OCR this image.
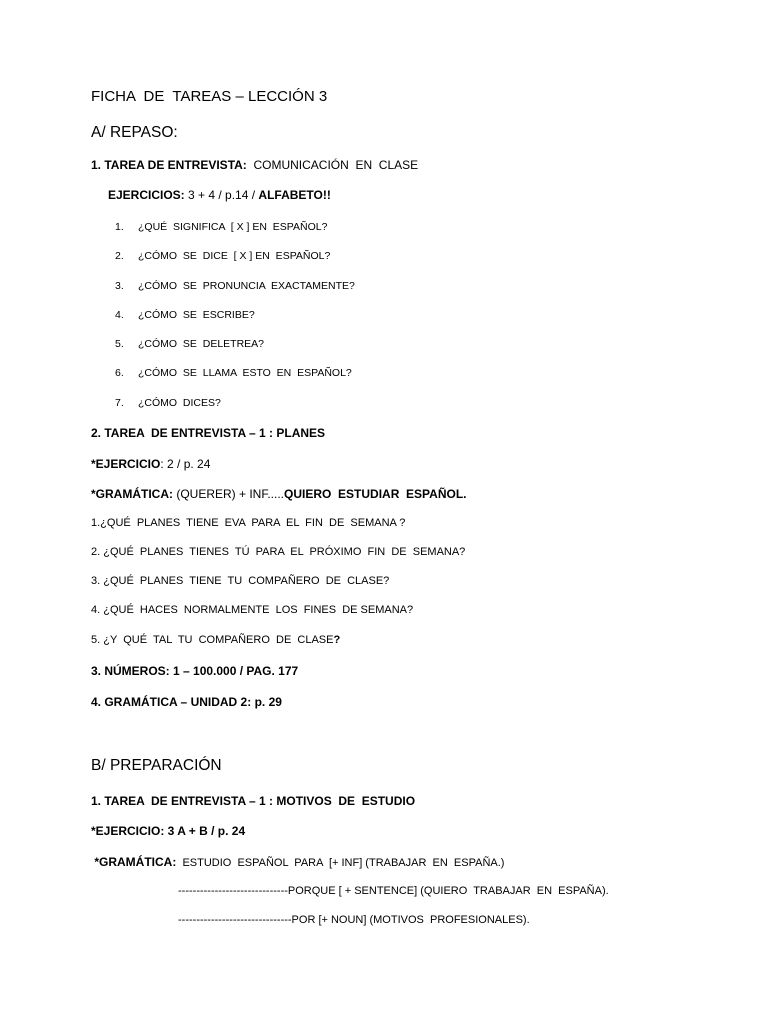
FICHA  DE  TAREAS – LECCIÓN 3
A/ REPASO:
1. TAREA DE ENTREVISTA:  COMUNICACIÓN  EN  CLASE
EJERCICIOS: 3 + 4 / p.14 / ALFABETO!!
1. ¿QUÉ  SIGNIFICA  [ X ] EN  ESPAÑOL?
2. ¿CÓMO  SE  DICE  [ X ] EN  ESPAÑOL?
3. ¿CÓMO  SE  PRONUNCIA  EXACTAMENTE?
4. ¿CÓMO  SE  ESCRIBE?
5. ¿CÓMO  SE  DELETREA?
6. ¿CÓMO  SE  LLAMA  ESTO  EN  ESPAÑOL?
7. ¿CÓMO  DICES?
2. TAREA  DE ENTREVISTA – 1 : PLANES
*EJERCICIO: 2 / p. 24
*GRAMÁTICA: (QUERER) + INF.....QUIERO  ESTUDIAR  ESPAÑOL.
1.¿QUÉ  PLANES  TIENE  EVA  PARA  EL  FIN  DE  SEMANA ?
2. ¿QUÉ  PLANES  TIENES  TÚ  PARA  EL  PRÓXIMO  FIN  DE  SEMANA?
3. ¿QUÉ  PLANES  TIENE  TU  COMPAÑERO  DE  CLASE?
4. ¿QUÉ  HACES  NORMALMENTE  LOS  FINES  DE SEMANA?
5. ¿Y  QUÉ  TAL  TU  COMPAÑERO  DE  CLASE?
3. NÚMEROS: 1 – 100.000 / PAG. 177
4. GRAMÁTICA – UNIDAD 2: p. 29
B/ PREPARACIÓN
1. TAREA  DE ENTREVISTA – 1 : MOTIVOS  DE  ESTUDIO
*EJERCICIO: 3 A + B / p. 24
*GRAMÁTICA:  ESTUDIO  ESPAÑOL  PARA  [+ INF] (TRABAJAR  EN  ESPAÑA.)
------------------------------PORQUE [ + SENTENCE] (QUIERO  TRABAJAR  EN  ESPAÑA).
-------------------------------POR [+ NOUN] (MOTIVOS  PROFESIONALES).
